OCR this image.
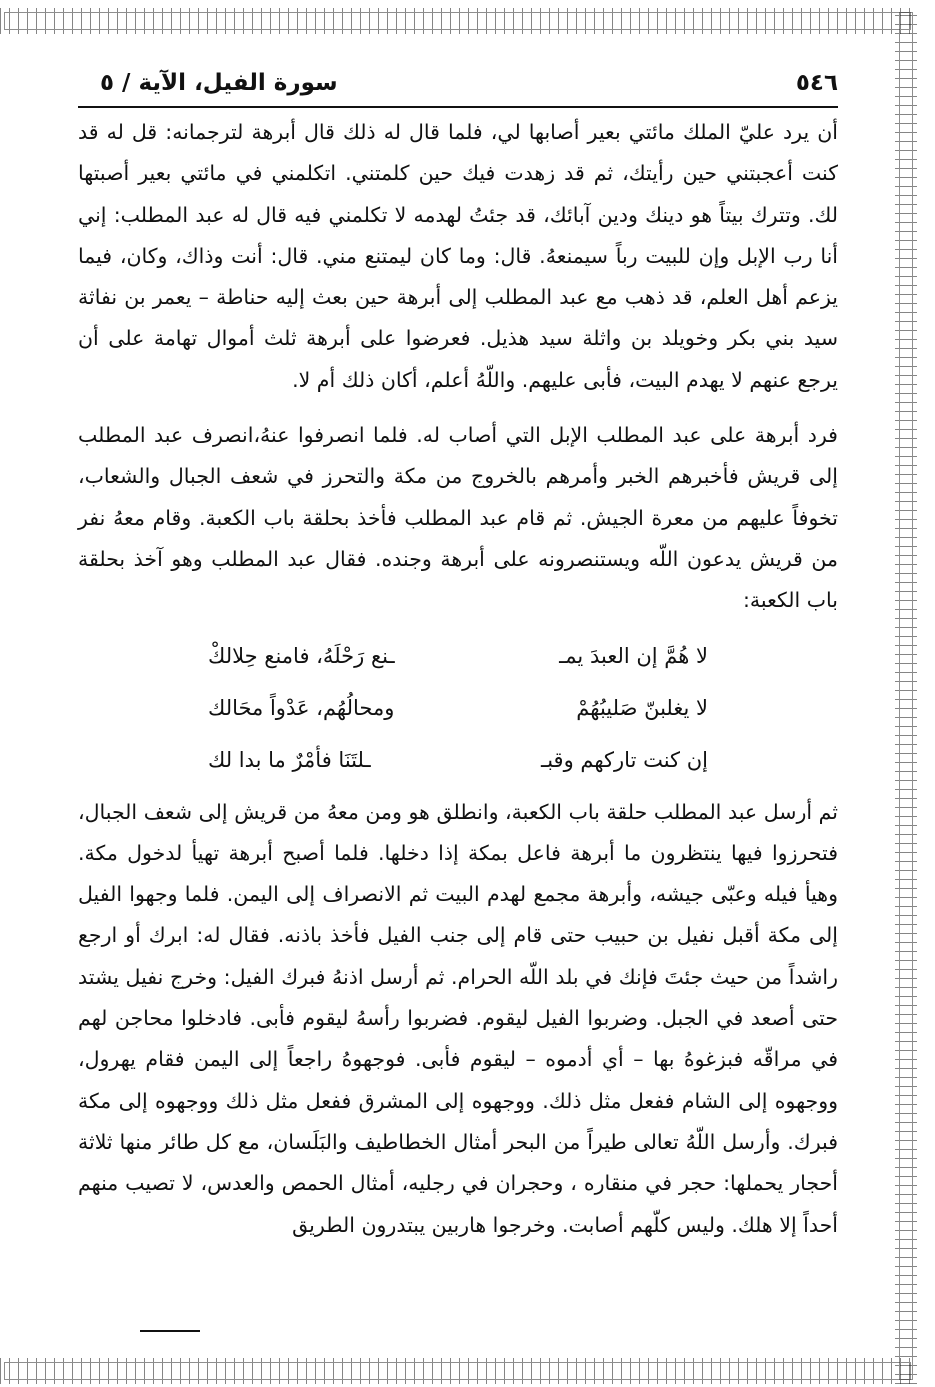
٥٤٦
سورة الفيل، الآية / ٥

أن يرد عليّ الملك مائتي بعير أصابها لي، فلما قال له ذلك قال أبرهة لترجمانه: قل له قد كنت أعجبتني حين رأيتك، ثم قد زهدت فيك حين كلمتني. اتكلمني في مائتي بعير أصبتها لك. وتترك بيتاً هو دينك ودين آبائك، قد جئتُ لهدمه لا تكلمني فيه قال له عبد المطلب: إني أنا رب الإبل وإن للبيت رباً سيمنعهُ. قال: وما كان ليمتنع مني. قال: أنت وذاك، وكان، فيما يزعم أهل العلم، قد ذهب مع عبد المطلب إلى أبرهة حين بعث إليه حناطة – يعمر بن نفاثة سيد بني بكر وخويلد بن واثلة سيد هذيل. فعرضوا على أبرهة ثلث أموال تهامة على أن يرجع عنهم لا يهدم البيت، فأبى عليهم. واللّهُ أعلم، أكان ذلك أم لا.

فرد أبرهة على عبد المطلب الإبل التي أصاب له. فلما انصرفوا عنهُ،انصرف عبد المطلب إلى قريش فأخبرهم الخبر وأمرهم بالخروج من مكة والتحرز في شعف الجبال والشعاب، تخوفاً عليهم من معرة الجيش. ثم قام عبد المطلب فأخذ بحلقة باب الكعبة. وقام معهُ نفر من قريش يدعون اللّه ويستنصرونه على أبرهة وجنده. فقال عبد المطلب وهو آخذ بحلقة باب الكعبة:

لا هُمَّ إن العبدَ يمـ
ـنع رَحْلَهُ، فامنع حِلالكْ
لا يغلبنّ صَليبُهُمْ
ومحالُهُم، عَدْواً محَالك
إن كنت تاركهم وقبـ
ـلتَنَا فأمْرٌ ما بدا لك

ثم أرسل عبد المطلب حلقة باب الكعبة، وانطلق هو ومن معهُ من قريش إلى شعف الجبال، فتحرزوا فيها ينتظرون ما أبرهة فاعل بمكة إذا دخلها. فلما أصبح أبرهة تهيأ لدخول مكة. وهيأ فيله وعبّى جيشه، وأبرهة مجمع لهدم البيت ثم الانصراف إلى اليمن. فلما وجهوا الفيل إلى مكة أقبل نفيل بن حبيب حتى قام إلى جنب الفيل فأخذ باذنه. فقال له: ابرك أو ارجع راشداً من حيث جئتَ فإنك في بلد اللّه الحرام. ثم أرسل اذنهُ فبرك الفيل: وخرج نفيل يشتد حتى أصعد في الجبل. وضربوا الفيل ليقوم. فضربوا رأسهُ ليقوم فأبى. فادخلوا محاجن لهم في مراقّه فبزغوهُ بها – أي أدموه – ليقوم فأبى. فوجهوهُ راجعاً إلى اليمن فقام يهرول، ووجهوه إلى الشام ففعل مثل ذلك. ووجهوه إلى المشرق ففعل مثل ذلك ووجهوه إلى مكة فبرك. وأرسل اللّهُ تعالى طيراً من البحر أمثال الخطاطيف والبَلَسان، مع كل طائر منها ثلاثة أحجار يحملها: حجر في منقاره ، وحجران في رجليه، أمثال الحمص والعدس، لا تصيب منهم أحداً إلا هلك. وليس كلّهم أصابت. وخرجوا هاربين يبتدرون الطريق
